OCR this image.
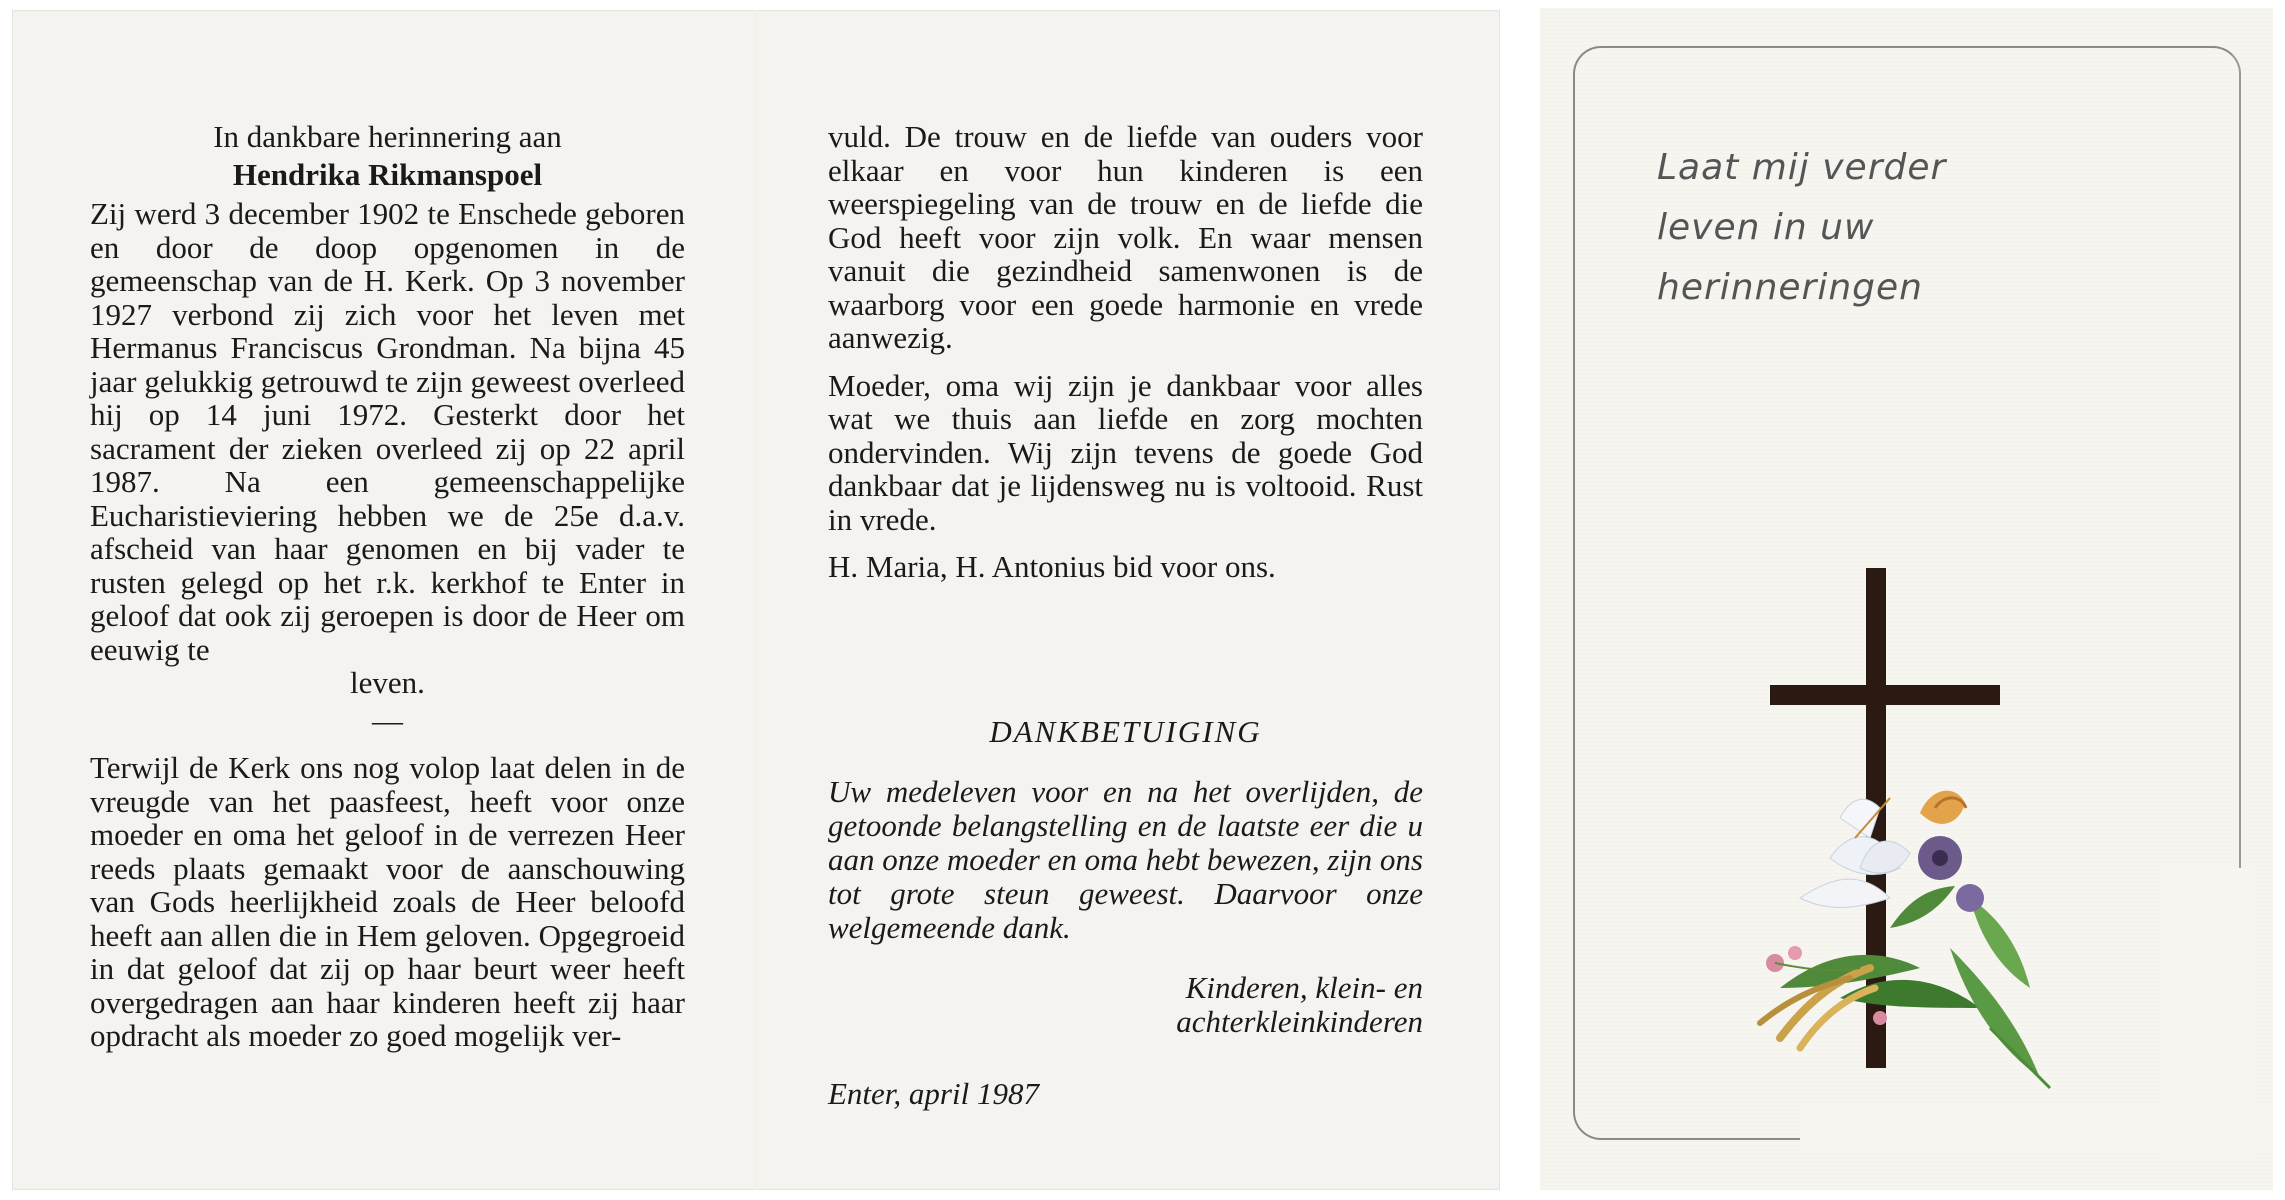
In dankbare herinnering aan

Hendrika Rikmanspoel

Zij werd 3 december 1902 te Enschede geboren en door de doop opgenomen in de gemeenschap van de H. Kerk. Op 3 november 1927 verbond zij zich voor het leven met Hermanus Franciscus Grondman. Na bijna 45 jaar gelukkig getrouwd te zijn geweest overleed hij op 14 juni 1972. Gesterkt door het sacrament der zieken overleed zij op 22 april 1987. Na een gemeenschappelijke Eucharistieviering hebben we de 25e d.a.v. afscheid van haar genomen en bij vader te rusten gelegd op het r.k. kerkhof te Enter in geloof dat ook zij geroepen is door de Heer om eeuwig te

leven.

—

Terwijl de Kerk ons nog volop laat delen in de vreugde van het paasfeest, heeft voor onze moeder en oma het geloof in de verrezen Heer reeds plaats gemaakt voor de aanschouwing van Gods heerlijkheid zoals de Heer beloofd heeft aan allen die in Hem geloven. Opgegroeid in dat geloof dat zij op haar beurt weer heeft overgedragen aan haar kinderen heeft zij haar opdracht als moeder zo goed mogelijk ver-

vuld. De trouw en de liefde van ouders voor elkaar en voor hun kinderen is een weerspiegeling van de trouw en de liefde die God heeft voor zijn volk. En waar mensen vanuit die gezindheid samenwonen is de waarborg voor een goede harmonie en vrede aanwezig.

Moeder, oma wij zijn je dankbaar voor alles wat we thuis aan liefde en zorg mochten ondervinden. Wij zijn tevens de goede God dankbaar dat je lijdensweg nu is voltooid. Rust in vrede.

H. Maria, H. Antonius bid voor ons.

DANKBETUIGING

Uw medeleven voor en na het overlijden, de getoonde belangstelling en de laatste eer die u aan onze moeder en oma hebt bewezen, zijn ons tot grote steun geweest. Daarvoor onze welgemeende dank.

Kinderen, klein- en
achterkleinkinderen

Enter, april 1987

Laat mij verder
leven in uw
herinneringen
